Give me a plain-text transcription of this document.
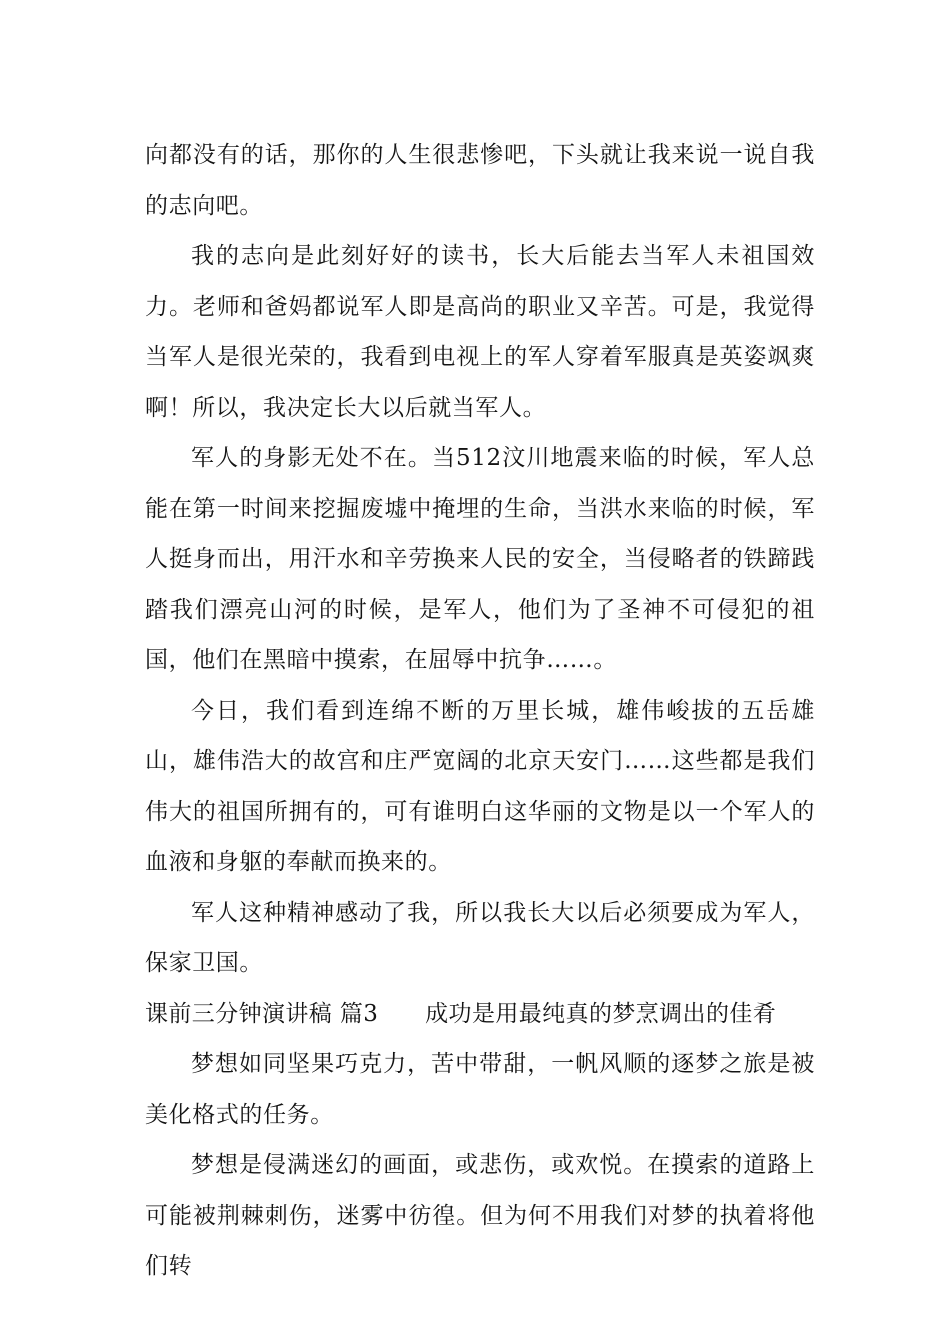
向都没有的话，那你的人生很悲惨吧，下头就让我来说一说自我的志向吧。

我的志向是此刻好好的读书，长大后能去当军人未祖国效力。老师和爸妈都说军人即是高尚的职业又辛苦。可是，我觉得当军人是很光荣的，我看到电视上的军人穿着军服真是英姿飒爽啊！所以，我决定长大以后就当军人。

军人的身影无处不在。当512汶川地震来临的时候，军人总能在第一时间来挖掘废墟中掩埋的生命，当洪水来临的时候，军人挺身而出，用汗水和辛劳换来人民的安全，当侵略者的铁蹄践踏我们漂亮山河的时候，是军人，他们为了圣神不可侵犯的祖国，他们在黑暗中摸索，在屈辱中抗争……。

今日，我们看到连绵不断的万里长城，雄伟峻拔的五岳雄山，雄伟浩大的故宫和庄严宽阔的北京天安门……这些都是我们伟大的祖国所拥有的，可有谁明白这华丽的文物是以一个军人的血液和身躯的奉献而换来的。

军人这种精神感动了我，所以我长大以后必须要成为军人，保家卫国。

课前三分钟演讲稿 篇3　　成功是用最纯真的梦烹调出的佳肴

梦想如同坚果巧克力，苦中带甜，一帆风顺的逐梦之旅是被美化格式的任务。

梦想是侵满迷幻的画面，或悲伤，或欢悦。在摸索的道路上可能被荆棘刺伤，迷雾中彷徨。但为何不用我们对梦的执着将他们转
